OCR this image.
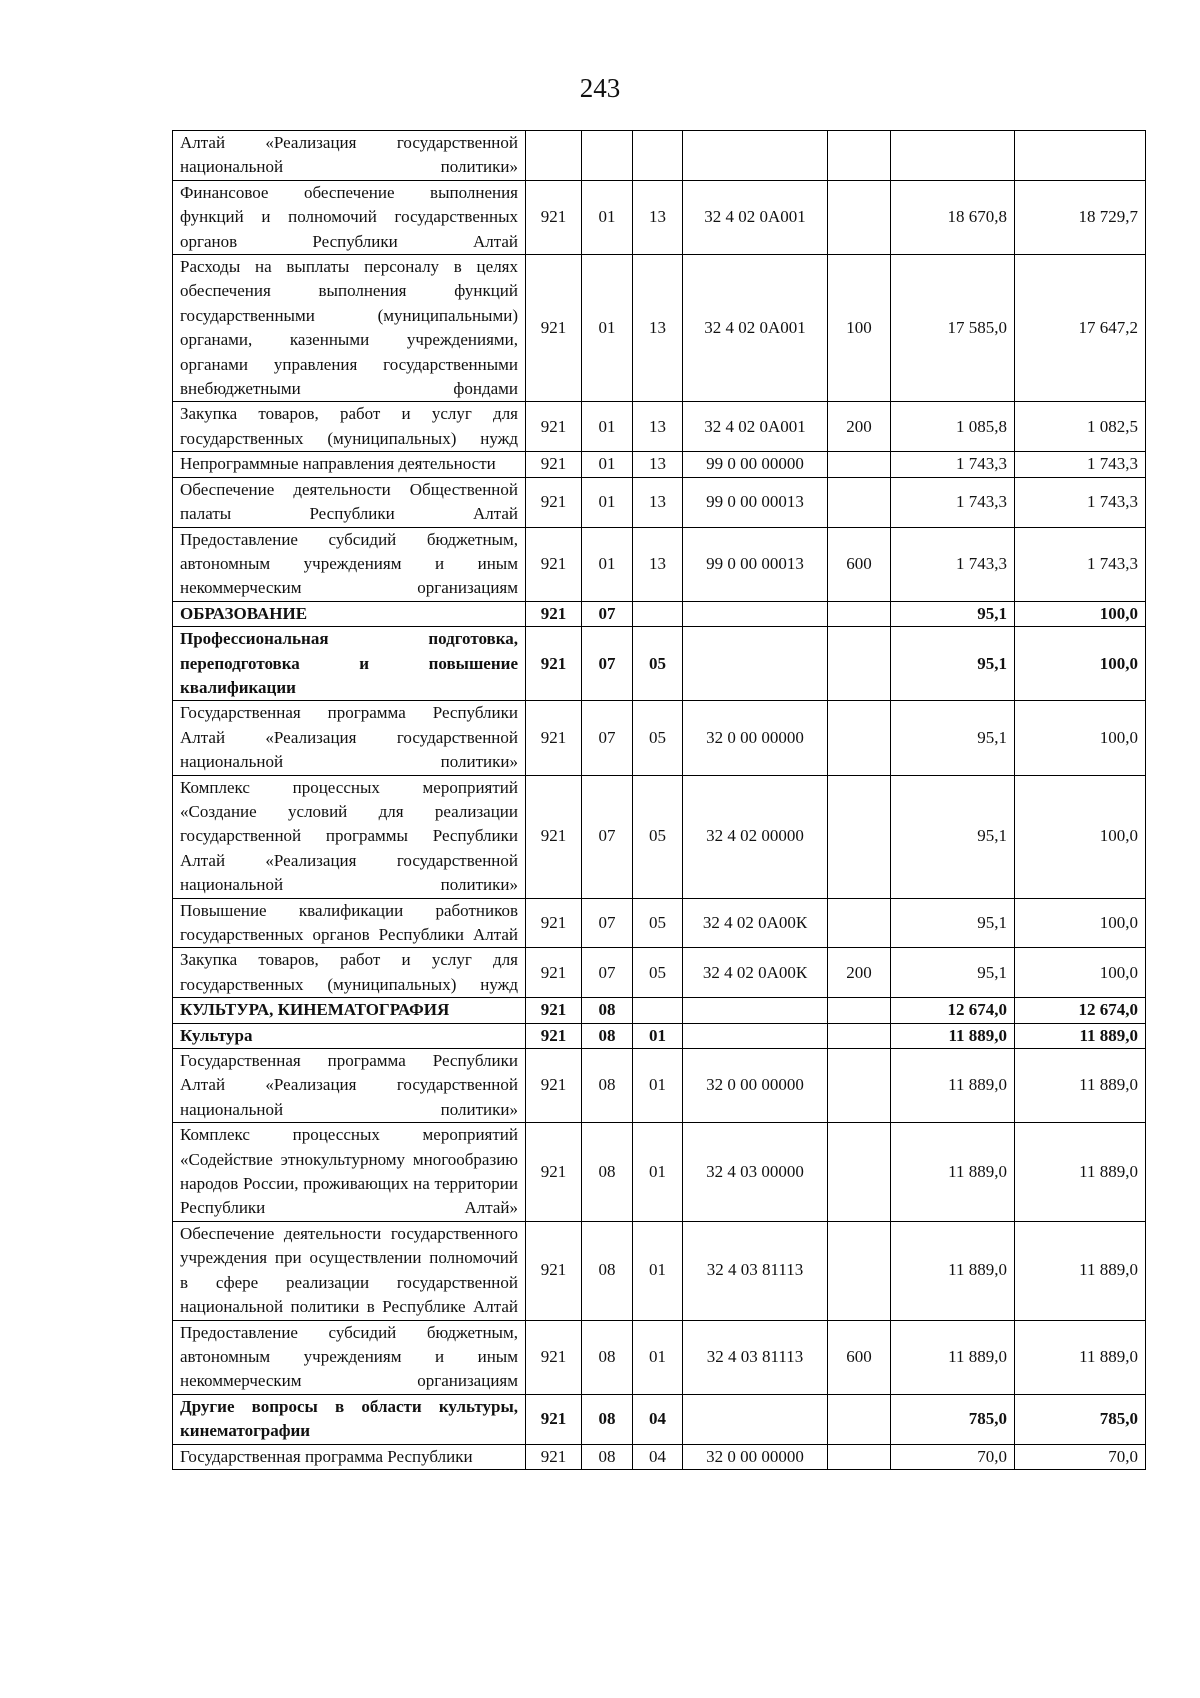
243
Алтай «Реализация государственной национальной политики»							
Финансовое обеспечение выполнения функций и полномочий государственных органов Республики Алтай	921	01	13	32 4 02 0А001		18 670,8	18 729,7
Расходы на выплаты персоналу в целях обеспечения выполнения функций государственными (муниципальными) органами, казенными учреждениями, органами управления государственными внебюджетными фондами	921	01	13	32 4 02 0А001	100	17 585,0	17 647,2
Закупка товаров, работ и услуг для государственных (муниципальных) нужд	921	01	13	32 4 02 0А001	200	1 085,8	1 082,5
Непрограммные направления деятельности	921	01	13	99 0 00 00000		1 743,3	1 743,3
Обеспечение деятельности Общественной палаты Республики Алтай	921	01	13	99 0 00 00013		1 743,3	1 743,3
Предоставление субсидий бюджетным, автономным учреждениям и иным некоммерческим организациям	921	01	13	99 0 00 00013	600	1 743,3	1 743,3
ОБРАЗОВАНИЕ	921	07				95,1	100,0
Профессиональная подготовка, переподготовка и повышение квалификации	921	07	05			95,1	100,0
Государственная программа Республики Алтай «Реализация государственной национальной политики»	921	07	05	32 0 00 00000		95,1	100,0
Комплекс процессных мероприятий «Создание условий для реализации государственной программы Республики Алтай «Реализация государственной национальной политики»	921	07	05	32 4 02 00000		95,1	100,0
Повышение квалификации работников государственных органов Республики Алтай	921	07	05	32 4 02 0А00К		95,1	100,0
Закупка товаров, работ и услуг для государственных (муниципальных) нужд	921	07	05	32 4 02 0А00К	200	95,1	100,0
КУЛЬТУРА, КИНЕМАТОГРАФИЯ	921	08				12 674,0	12 674,0
Культура	921	08	01			11 889,0	11 889,0
Государственная программа Республики Алтай «Реализация государственной национальной политики»	921	08	01	32 0 00 00000		11 889,0	11 889,0
Комплекс процессных мероприятий «Содействие этнокультурному многообразию народов России, проживающих на территории Республики Алтай»	921	08	01	32 4 03 00000		11 889,0	11 889,0
Обеспечение деятельности государственного учреждения при осуществлении полномочий в сфере реализации государственной национальной политики в Республике Алтай	921	08	01	32 4 03 81113		11 889,0	11 889,0
Предоставление субсидий бюджетным, автономным учреждениям и иным некоммерческим организациям	921	08	01	32 4 03 81113	600	11 889,0	11 889,0
Другие вопросы в области культуры, кинематографии	921	08	04			785,0	785,0
Государственная программа Республики	921	08	04	32 0 00 00000		70,0	70,0
